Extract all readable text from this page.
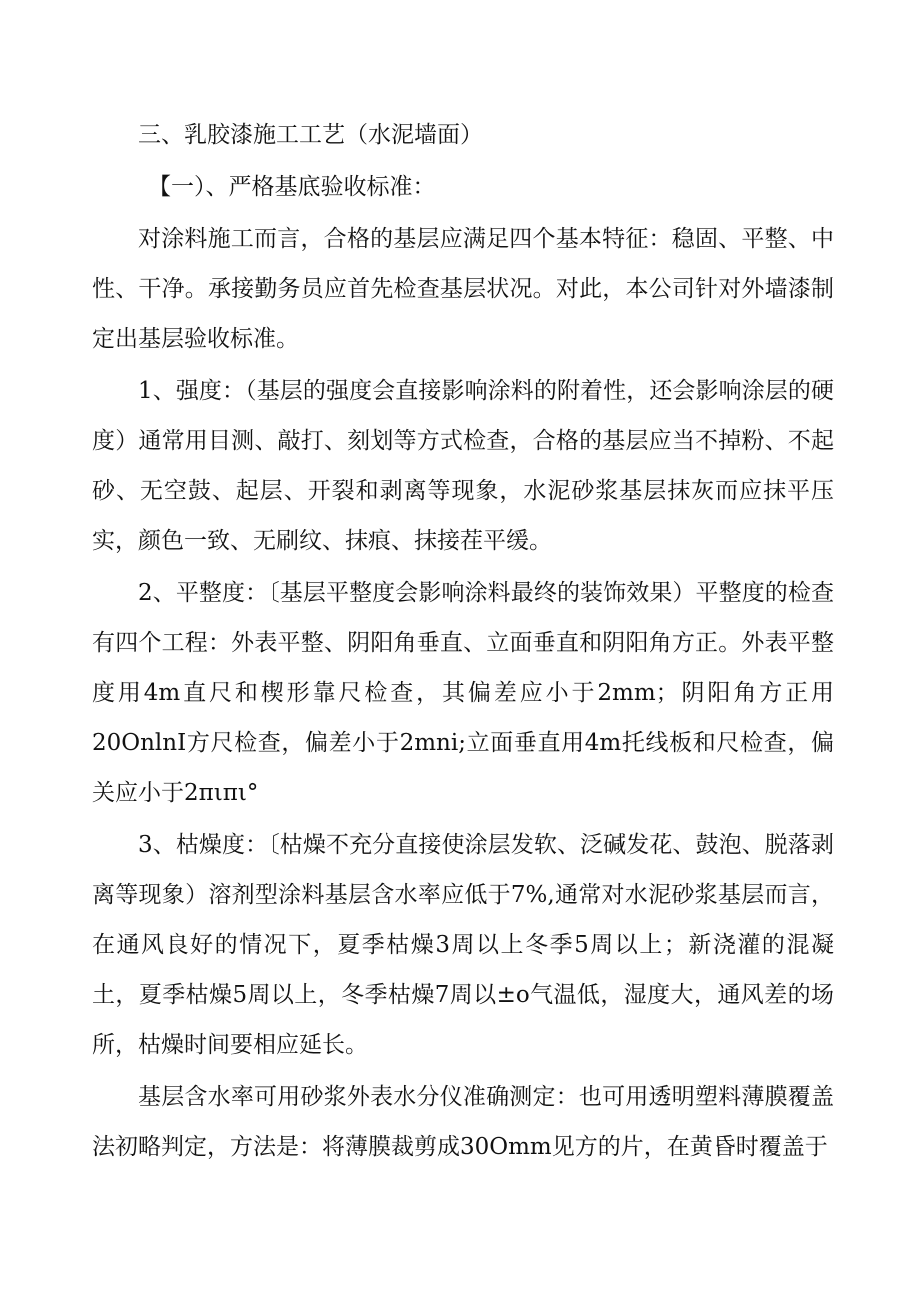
三、乳胶漆施工工艺（水泥墙面）

【一）、严格基底验收标准：

对涂料施工而言，合格的基层应满足四个基本特征：稳固、平整、中性、干净。承接勤务员应首先检查基层状况。对此，本公司针对外墙漆制定出基层验收标准。

1、强度：（基层的强度会直接影响涂料的附着性，还会影响涂层的硬度）通常用目测、敲打、刻划等方式检查，合格的基层应当不掉粉、不起砂、无空鼓、起层、开裂和剥离等现象，水泥砂浆基层抹灰而应抹平压实，颜色一致、无刷纹、抹痕、抹接茬平缓。

2、平整度：〔基层平整度会影响涂料最终的装饰效果）平整度的检查有四个工程：外表平整、阴阳角垂直、立面垂直和阴阳角方正。外表平整度用4m直尺和楔形靠尺检查，其偏差应小于2mm；阴阳角方正用20OnlnI方尺检查，偏差小于2mni;立面垂直用4m托线板和尺检查，偏关应小于2πιπι°

3、枯燥度：〔枯燥不充分直接使涂层发软、泛碱发花、鼓泡、脱落剥离等现象）溶剂型涂料基层含水率应低于7%,通常对水泥砂浆基层而言，在通风良好的情况下，夏季枯燥3周以上冬季5周以上；新浇灌的混凝土，夏季枯燥5周以上，冬季枯燥7周以±o气温低，湿度大，通风差的场所，枯燥时间要相应延长。

基层含水率可用砂浆外表水分仪准确测定：也可用透明塑料薄膜覆盖法初略判定，方法是：将薄膜裁剪成30Omm见方的片，在黄昏时覆盖于
